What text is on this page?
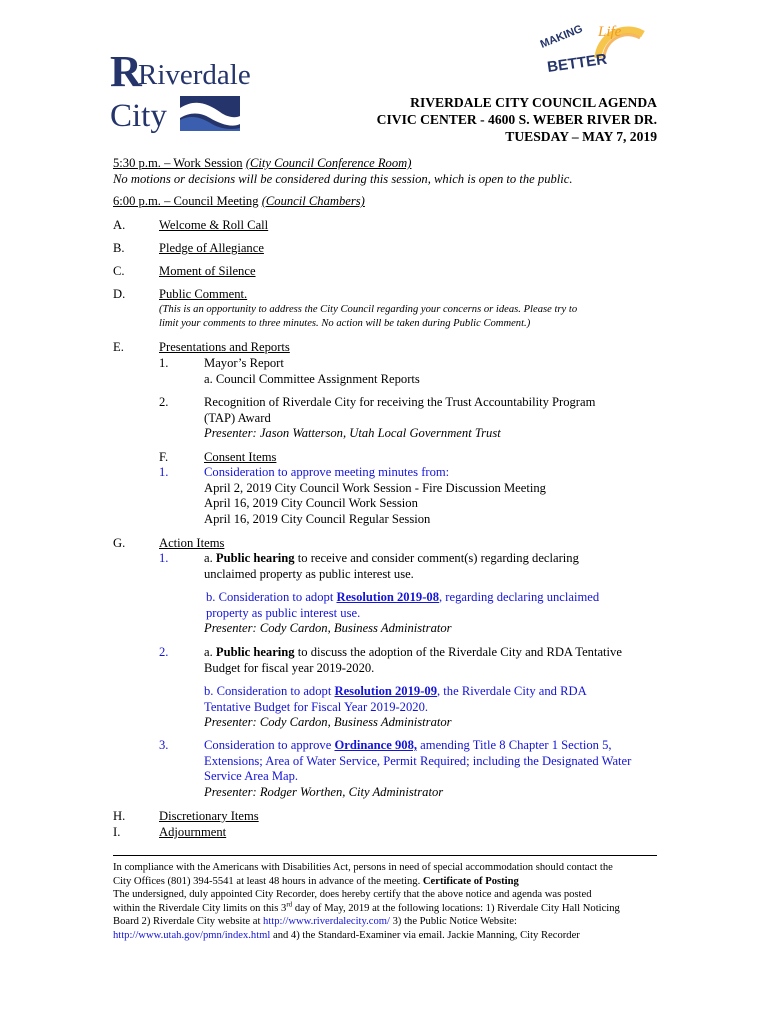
R
Riverdale
City
MAKING Life
BETTER
RIVERDALE CITY COUNCIL AGENDA
CIVIC CENTER - 4600 S. WEBER RIVER DR.
TUESDAY – MAY 7, 2019
5:30 p.m. – Work Session (City Council Conference Room)
No motions or decisions will be considered during this session, which is open to the public.
6:00 p.m. – Council Meeting (Council Chambers)
A.	Welcome & Roll Call
B.	Pledge of Allegiance
C.	Moment of Silence
D.	Public Comment.
(This is an opportunity to address the City Council regarding your concerns or ideas. Please try to
limit your comments to three minutes. No action will be taken during Public Comment.)
E.	Presentations and Reports
1.	Mayor’s Report
a. Council Committee Assignment Reports
2.	Recognition of Riverdale City for receiving the Trust Accountability Program
(TAP) Award
Presenter: Jason Watterson, Utah Local Government Trust
F.	Consent Items
1.	Consideration to approve meeting minutes from:
April 2, 2019 City Council Work Session - Fire Discussion Meeting
April 16, 2019 City Council Work Session
April 16, 2019 City Council Regular Session
G.	Action Items
1.	a. Public hearing to receive and consider comment(s) regarding declaring
unclaimed property as public interest use.
b. Consideration to adopt Resolution 2019-08, regarding declaring unclaimed
property as public interest use.
Presenter: Cody Cardon, Business Administrator
2.	a. Public hearing to discuss the adoption of the Riverdale City and RDA Tentative
Budget for fiscal year 2019-2020.
b. Consideration to adopt Resolution 2019-09, the Riverdale City and RDA
Tentative Budget for Fiscal Year 2019-2020.
Presenter: Cody Cardon, Business Administrator
3.	Consideration to approve Ordinance 908, amending Title 8 Chapter 1 Section 5,
Extensions; Area of Water Service, Permit Required; including the Designated Water
Service Area Map.
Presenter: Rodger Worthen, City Administrator
H.	Discretionary Items
I.	Adjournment
In compliance with the Americans with Disabilities Act, persons in need of special accommodation should contact the
City Offices (801) 394-5541 at least 48 hours in advance of the meeting. Certificate of Posting
The undersigned, duly appointed City Recorder, does hereby certify that the above notice and agenda was posted
within the Riverdale City limits on this 3rd day of May, 2019 at the following locations: 1) Riverdale City Hall Noticing
Board 2) Riverdale City website at http://www.riverdalecity.com/ 3) the Public Notice Website:
http://www.utah.gov/pmn/index.html and 4) the Standard-Examiner via email. Jackie Manning, City Recorder
